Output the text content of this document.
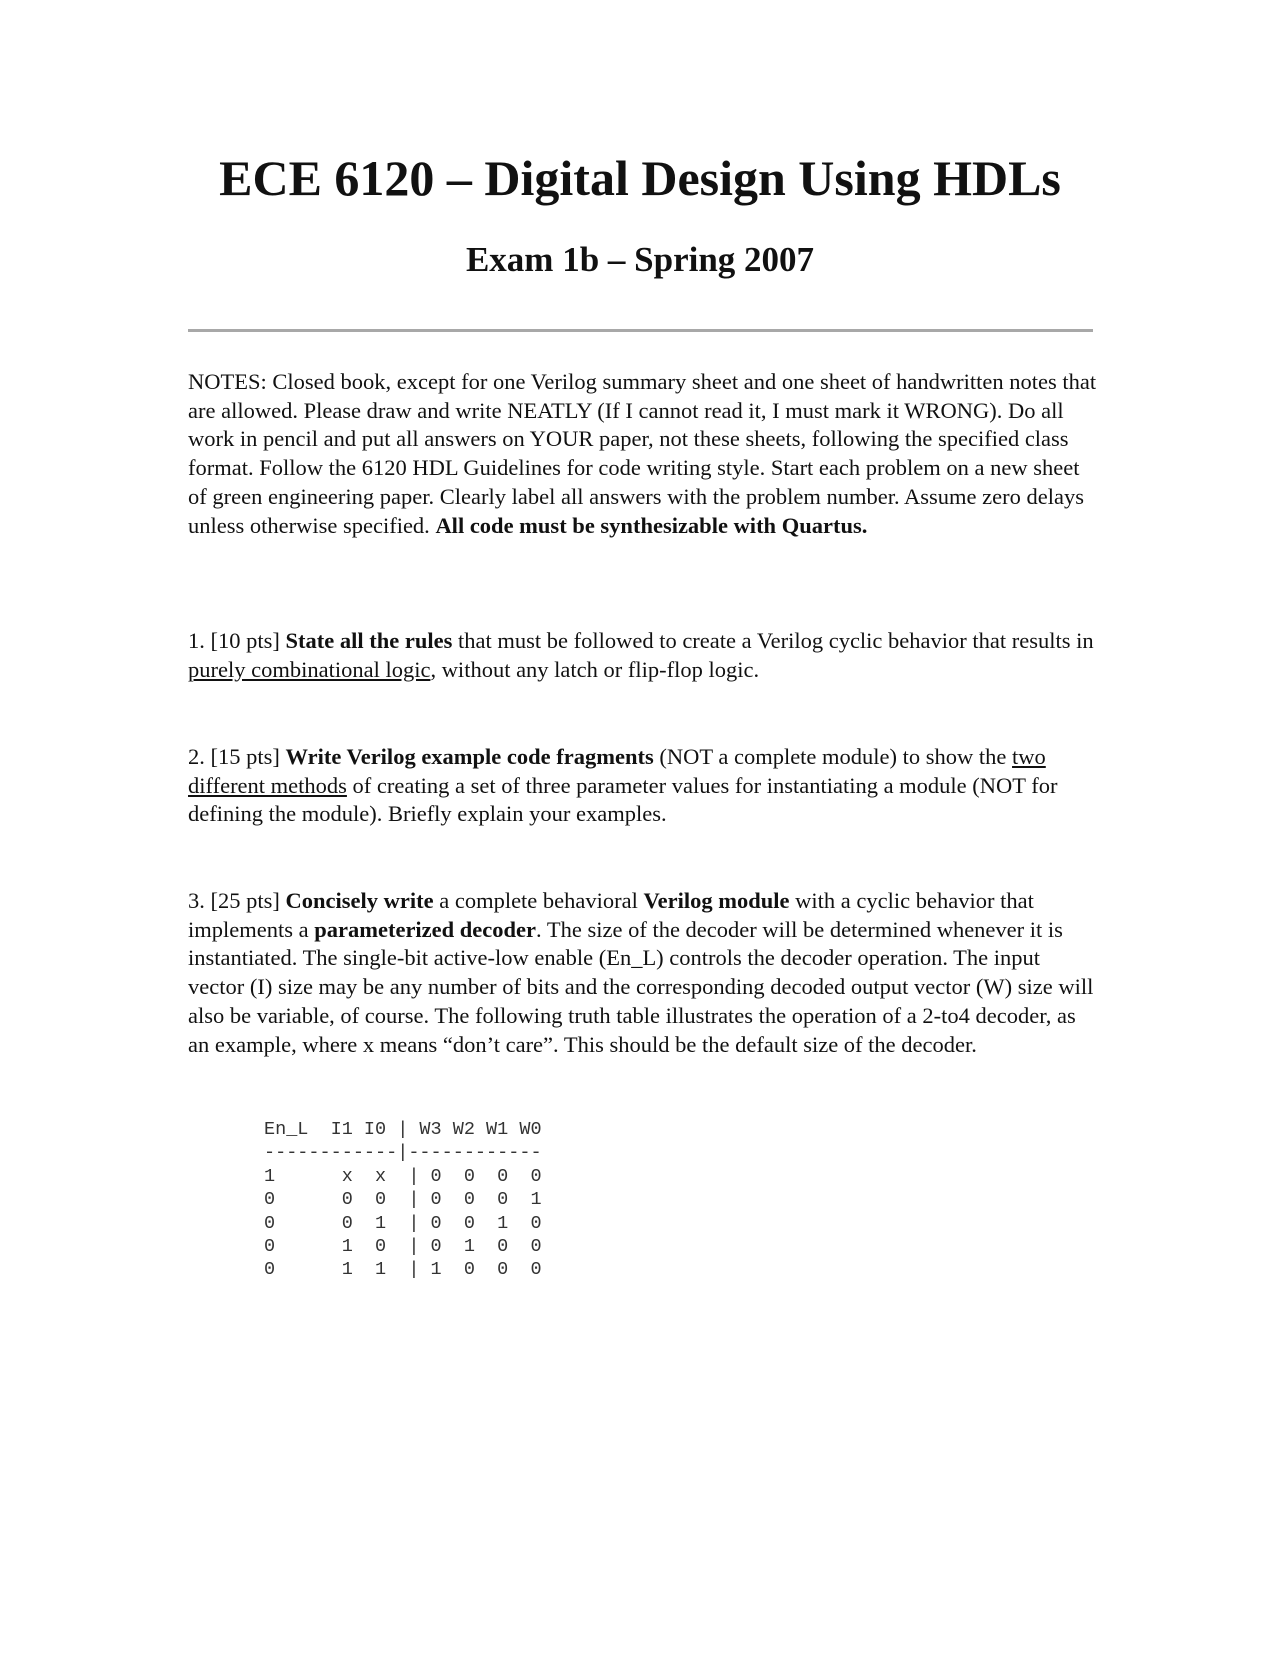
ECE 6120 – Digital Design Using HDLs
Exam 1b – Spring 2007

NOTES: Closed book, except for one Verilog summary sheet and one sheet of handwritten notes that are allowed. Please draw and write NEATLY (If I cannot read it, I must mark it WRONG). Do all work in pencil and put all answers on YOUR paper, not these sheets, following the specified class format. Follow the 6120 HDL Guidelines for code writing style. Start each problem on a new sheet of green engineering paper. Clearly label all answers with the problem number. Assume zero delays unless otherwise specified. All code must be synthesizable with Quartus.

1. [10 pts] State all the rules that must be followed to create a Verilog cyclic behavior that results in purely combinational logic, without any latch or flip-flop logic.

2. [15 pts] Write Verilog example code fragments (NOT a complete module) to show the two different methods of creating a set of three parameter values for instantiating a module (NOT for defining the module). Briefly explain your examples.

3. [25 pts] Concisely write a complete behavioral Verilog module with a cyclic behavior that implements a parameterized decoder. The size of the decoder will be determined whenever it is instantiated. The single-bit active-low enable (En_L) controls the decoder operation. The input vector (I) size may be any number of bits and the corresponding decoded output vector (W) size will also be variable, of course. The following truth table illustrates the operation of a 2-to4 decoder, as an example, where x means “don’t care”. This should be the default size of the decoder.

En_L  I1 I0 | W3 W2 W1 W0
------------|------------
1      x  x  | 0  0  0  0
0      0  0  | 0  0  0  1
0      0  1  | 0  0  1  0
0      1  0  | 0  1  0  0
0      1  1  | 1  0  0  0
